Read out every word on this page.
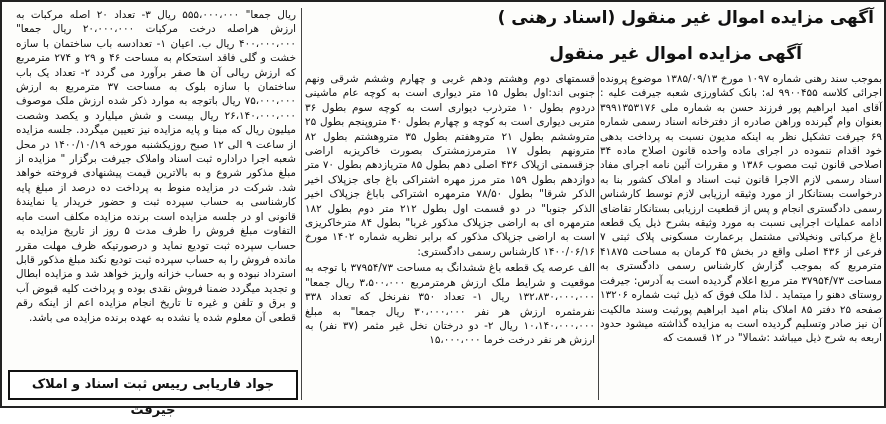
آگهی مزایده اموال غیر منقول (اسناد رهنی )
آگهی مزایده اموال غیر منقول

بموجب سند رهنی شماره ۱۰۹۷ مورخ ۱۳۸۵/۰۹/۱۳ موضوع پرونده اجرائی کلاسه ۹۹۰۰۴۵۵ له: بانک کشاورزی شعبه جیرفت علیه : آقای امید ابراهیم پور فرزند حسن به شماره ملی ۳۹۹۱۳۵۳۱۷۶ بعنوان وام گیرنده وراهن صادره از دفترخانه اسناد رسمی شماره ۶۹ جیرفت تشکیل نظر به اینکه مدیون نسبت به پرداخت بدهی خود اقدام ننموده در اجرای ماده واحده قانون اصلاح ماده ۳۴ اصلاحی قانون ثبت مصوب ۱۳۸۶ و مقررات آئین نامه اجرای مفاد اسناد رسمی لازم الاجرا قانون ثبت اسناد و املاک کشور بنا به درخواست بستانکار از مورد وثیقه ارزیابی لازم توسط کارشناس رسمی دادگستری انجام و پس از قطعیت ارزیابی بستانکار تقاضای ادامه عملیات اجرایی نسبت به مورد وثیقه بشرح ذیل یک قطعه باغ مرکباتی ونخیلاتی مشتمل برعمارت مسکونی پلاک ثبتی ۷ فرعی از ۴۳۶ اصلی واقع در بخش ۴۵ کرمان به مساحت ۴۱۸۷۵ مترمربع که بموجب گزارش کارشناس رسمی دادگستری به مساحت ۳۷۹۵۴/۷۳ متر مربع اعلام گردیده است به آدرس: جیرفت روستای دهنو را میتماید . لذا ملک فوق که ذیل ثبت شماره ۱۳۲۰۶ صفحه ۲۵ دفتر ۸۵ املاک بنام امید ابراهیم پورثبت وسند مالکیت آن نیز صادر وتسلیم گردیده است به مزایده گذاشته میشود حدود اربعه به شرح ذیل میباشد :شمالا" در ۱۲ قسمت که

قسمتهای دوم وهشتم ودهم غربی و چهارم وششم شرقی ونهم جنوبی اند:اول بطول ۱۵ متر دیواری است به کوچه عام ماشینی دردوم بطول ۱۰ مترذرب دیواری است به کوچه سوم بطول ۳۶ متربی دیواری است به کوچه و چهارم بطول ۴۰ متروپنجم بطول ۲۵ متروششم بطول ۲۱ متروهفتم بطول ۳۵ متروهشتم بطول ۸۲ مترونهم بطول ۱۷ مترمرزمشترک بصورت خاکریزبه اراضی جزقسمتی ازپلاک ۴۳۶ اصلی دهم بطول ۸۵ متریازدهم بطول ۷۰ متر دوازدهم بطول ۱۵۹ متر مرز مهره اشتراکی باغ جای جزپلاک اخیر الذکر شرقا" بطول ۷۸/۵۰ مترمهره اشتراکی باباغ جزپلاک اخیر الذکر جنوبا" در دو قسمت اول بطول ۲۱۲ متر دوم بطول ۱۸۲ مترمهره ای به اراضی جزپلاک مذکور غربا" بطول ۸۴ مترخاکریزی است به اراضی جزپلاک مذکور که برابر نظریه شماره ۱۴۰۲ مورخ ۱۴۰۰/۰۶/۱۶ کارشناس رسمی دادگستری:

الف عرصه یک قطعه باغ ششدانگ به مساحت ۳۷۹۵۴/۷۳ با توجه به موقعیت و شرایط ملک ارزش هرمترمربع ۳،۵۰۰،۰۰۰ ریال جمعا" ۱۳۲،۸۳۰،۰۰۰،۰۰۰ ریال ۱- تعداد ۳۵۰ نفرنخل که تعداد ۳۳۸ نفرمثمره ارزش هر نفر ۳۰،۰۰۰،۰۰۰ ریال جمعا" به مبلغ ۱۰،۱۴۰،۰۰۰،۰۰۰ ریال ۲- دو درختان نخل غیر مثمر (۳۷ نفر) به ارزش هر نفر درخت خرما ۱۵،۰۰۰،۰۰۰

ریال جمعا" ۵۵۵،۰۰۰،۰۰۰ ریال ۳- تعداد ۲۰ اصله مرکبات به ارزش هراصله درخت مرکبات ۲۰،۰۰۰،۰۰۰ ریال جمعا" ۴۰۰،۰۰۰،۰۰۰ ریال ب. اعیان ۱- تعدادسه باب ساختمان با سازه خشت و گلی فاقد استحکام به مساحت ۴۶ و ۲۹ و ۲۷۴ مترمربع که ارزش ریالی آن ها صفر برآورد می گردد ۲- تعداد یک باب ساختمان با سازه بلوک به مساحت ۳۷ مترمربع به ارزش ۷۵،۰۰۰،۰۰۰ ریال باتوجه به موارد ذکر شده ارزش ملک موصوف ۲۶،۱۴۰،۰۰۰،۰۰۰ ریال بیست و شش میلیارد و یکصد وشصت میلیون ریال که مبنا و پایه مزایده نیز تعیین میگردد. جلسه مزایده از ساعت ۹ الی ۱۲ صبح روزیکشنبه مورخه ۱۴۰۰/۱۰/۱۹ در محل شعبه اجرا دراداره ثبت اسناد واملاک جیرفت برگزار " مزایده از مبلغ مذکور شروع و به بالاترین قیمت پیشنهادی فروخته خواهد شد. شرکت در مزایده منوط به پرداخت ده درصد از مبلغ پایه کارشناسی به حساب سپرده ثبت و حضور خریدار یا نمایندۀ قانونی او در جلسه مزایده است برنده مزایده مکلف است مابه التفاوت مبلغ فروش را ظرف مدت ۵ روز از تاریخ مزایده به حساب سپرده ثبت توديع نماید و درصورتیکه ظرف مهلت مقرر مانده فروش را به حساب سپرده ثبت توديع نکند مبلغ مذکور قابل استرداد نبوده و به حساب خزانه واریز خواهد شد و مزایده ابطال و تجدید میگردد ضمنا فروش نقدی بوده و پرداخت کلیه قبوض آب و برق و تلفن و غیره تا تاریخ انجام مزایده اعم از اینکه رقم قطعی آن معلوم شده یا نشده به عهده برنده مزایده می باشد.

جواد فاریابی رییس ثبت اسناد و املاک جیرفت
